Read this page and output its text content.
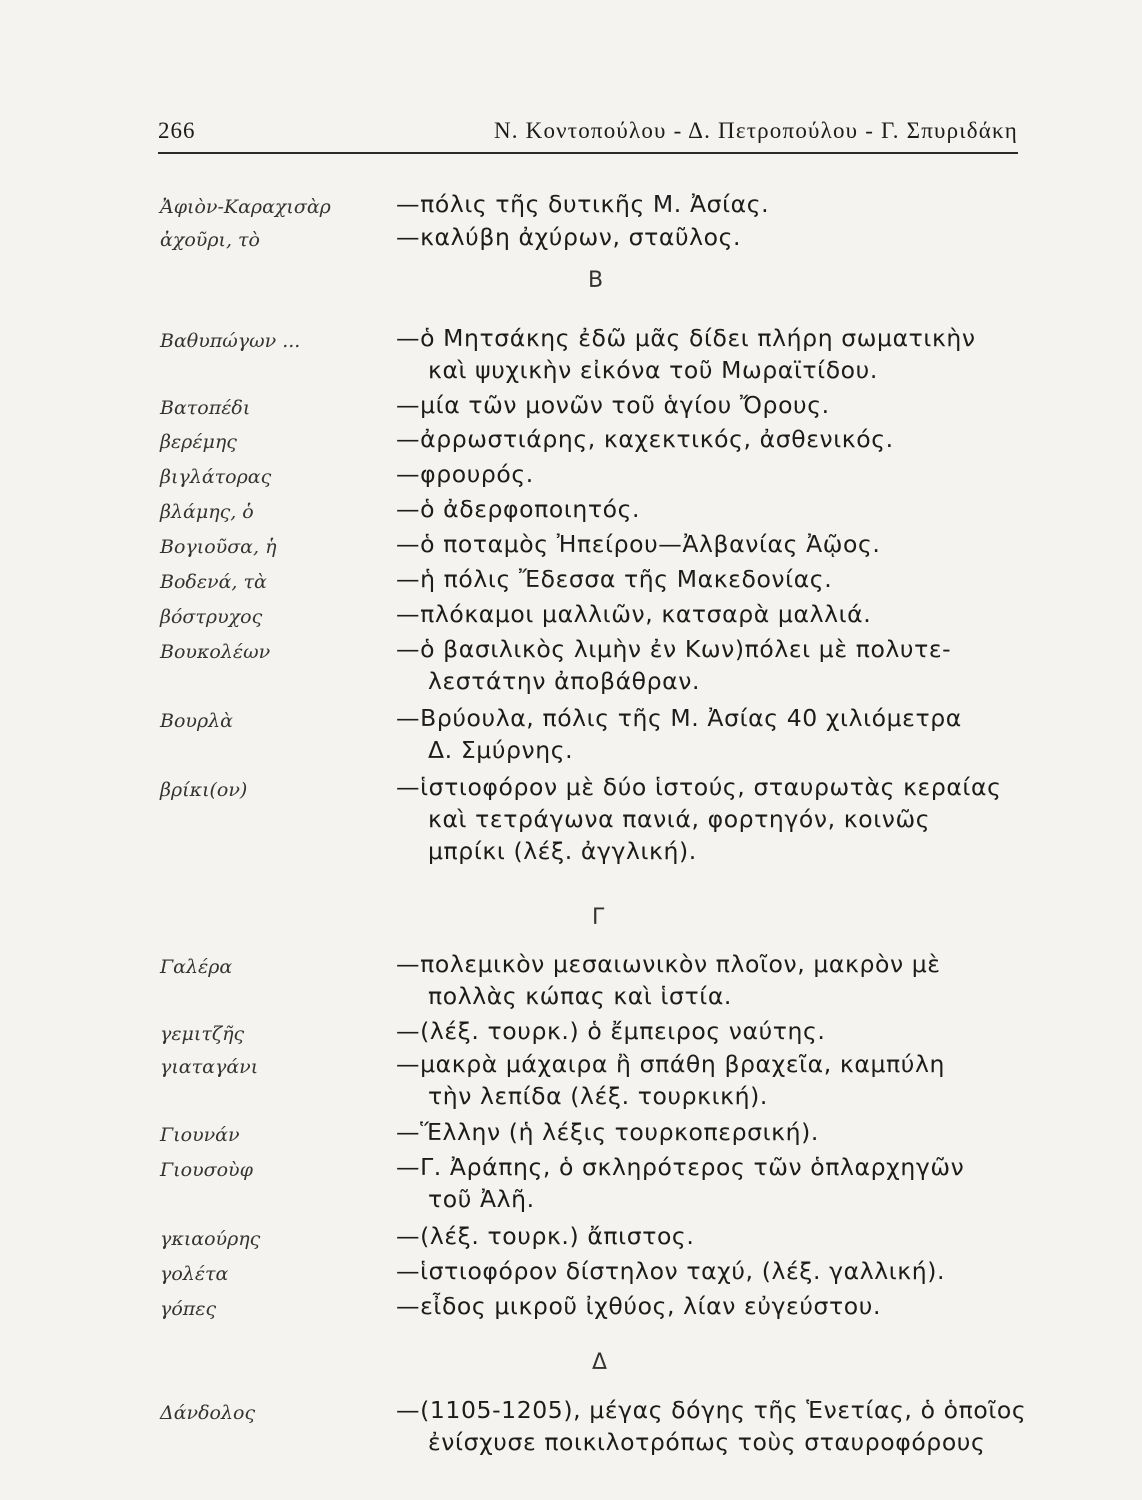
266	Ν. Κοντοπούλου - Δ. Πετροπούλου - Γ. Σπυριδάκη
Ἀφιὸν-Καραχισὰρ	—πόλις τῆς δυτικῆς Μ. Ἀσίας.
ἀχοῦρι, τὸ	—καλύβη ἀχύρων, σταῦλος.
Β
Βαθυπώγων ...	—ὁ Μητσάκης ἐδῶ μᾶς δίδει πλήρη σωματικὴν
καὶ ψυχικὴν εἰκόνα τοῦ Μωραϊτίδου.
Βατοπέδι	—μία τῶν μονῶν τοῦ ἁγίου Ὄρους.
βερέμης	—ἀρρωστιάρης, καχεκτικός, ἀσθενικός.
βιγλάτορας	—φρουρός.
βλάμης, ὁ	—ὁ ἀδερφοποιητός.
Βογιοῦσα, ἡ	—ὁ ποταμὸς Ἠπείρου—Ἀλβανίας Ἀῷος.
Βοδενά, τὰ	—ἡ πόλις Ἔδεσσα τῆς Μακεδονίας.
βόστρυχος	—πλόκαμοι μαλλιῶν, κατσαρὰ μαλλιά.
Βουκολέων	—ὁ βασιλικὸς λιμὴν ἐν Κων)πόλει μὲ πολυτε-
λεστάτην ἀποβάθραν.
Βουρλὰ	—Βρύουλα, πόλις τῆς Μ. Ἀσίας 40 χιλιόμετρα
Δ. Σμύρνης.
βρίκι(ον)	—ἱστιοφόρον μὲ δύο ἱστούς, σταυρωτὰς κεραίας
καὶ τετράγωνα πανιά, φορτηγόν, κοινῶς
μπρίκι (λέξ. ἀγγλική).
Γ
Γαλέρα	—πολεμικὸν μεσαιωνικὸν πλοῖον, μακρὸν μὲ
πολλὰς κώπας καὶ ἱστία.
γεμιτζῆς	—(λέξ. τουρκ.) ὁ ἔμπειρος ναύτης.
γιαταγάνι	—μακρὰ μάχαιρα ἢ σπάθη βραχεῖα, καμπύλη
τὴν λεπίδα (λέξ. τουρκική).
Γιουνάν	—Ἕλλην (ἡ λέξις τουρκοπερσική).
Γιουσοὺφ	—Γ. Ἀράπης, ὁ σκληρότερος τῶν ὁπλαρχηγῶν
τοῦ Ἀλῆ.
γκιαούρης	—(λέξ. τουρκ.) ἄπιστος.
γολέτα	—ἱστιοφόρον δίστηλον ταχύ, (λέξ. γαλλική).
γόπες	—εἶδος μικροῦ ἰχθύος, λίαν εὐγεύστου.
Δ
Δάνδολος	—(1105-1205), μέγας δόγης τῆς Ἑνετίας, ὁ ὁποῖος
ἐνίσχυσε ποικιλοτρόπως τοὺς σταυροφόρους
